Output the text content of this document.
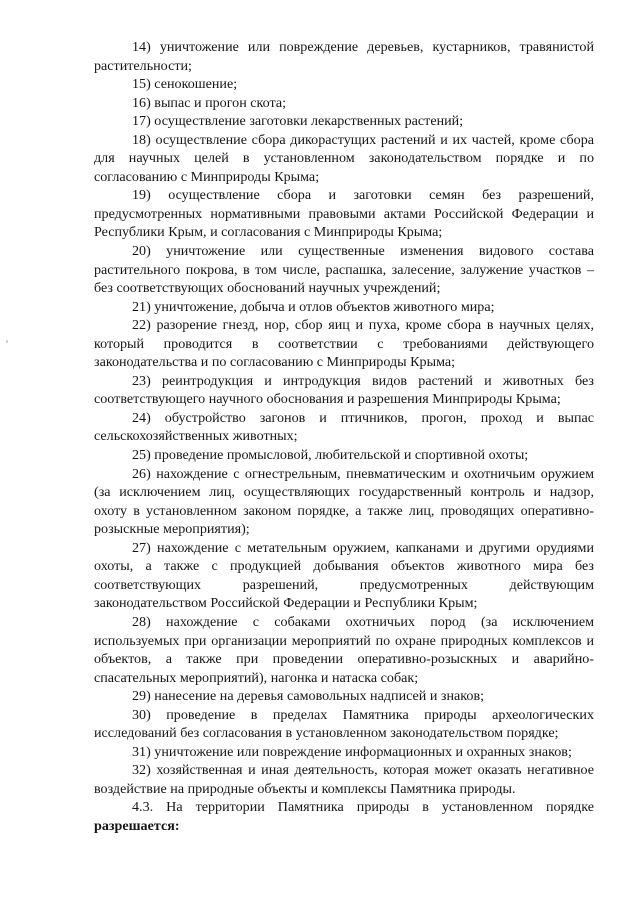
14) уничтожение или повреждение деревьев, кустарников, травянистой растительности;

15) сенокошение;

16) выпас и прогон скота;

17) осуществление заготовки лекарственных растений;

18) осуществление сбора дикорастущих растений и их частей, кроме сбора для научных целей в установленном законодательством порядке и по согласованию с Минприроды Крыма;

19) осуществление сбора и заготовки семян без разрешений, предусмотренных нормативными правовыми актами Российской Федерации и Республики Крым, и согласования с Минприроды Крыма;

20) уничтожение или существенные изменения видового состава растительного покрова, в том числе, распашка, залесение, залужение участков – без соответствующих обоснований научных учреждений;

21) уничтожение, добыча и отлов объектов животного мира;

22) разорение гнезд, нор, сбор яиц и пуха, кроме сбора в научных целях, который проводится в соответствии с требованиями действующего законодательства и по согласованию с Минприроды Крыма;

23) реинтродукция и интродукция видов растений и животных без соответствующего научного обоснования и разрешения Минприроды Крыма;

24) обустройство загонов и птичников, прогон, проход и выпас сельскохозяйственных животных;

25) проведение промысловой, любительской и спортивной охоты;

26) нахождение с огнестрельным, пневматическим и охотничьим оружием (за исключением лиц, осуществляющих государственный контроль и надзор, охоту в установленном законом порядке, а также лиц, проводящих оперативно-розыскные мероприятия);

27) нахождение с метательным оружием, капканами и другими орудиями охоты, а также с продукцией добывания объектов животного мира без соответствующих разрешений, предусмотренных действующим законодательством Российской Федерации и Республики Крым;

28) нахождение с собаками охотничьих пород (за исключением используемых при организации мероприятий по охране природных комплексов и объектов, а также при проведении оперативно-розыскных и аварийно-спасательных мероприятий), нагонка и натаска собак;

29) нанесение на деревья самовольных надписей и знаков;

30) проведение в пределах Памятника природы археологических исследований без согласования в установленном законодательством порядке;

31) уничтожение или повреждение информационных и охранных знаков;

32) хозяйственная и иная деятельность, которая может оказать негативное воздействие на природные объекты и комплексы Памятника природы.

4.3. На территории Памятника природы в установленном порядке разрешается:
